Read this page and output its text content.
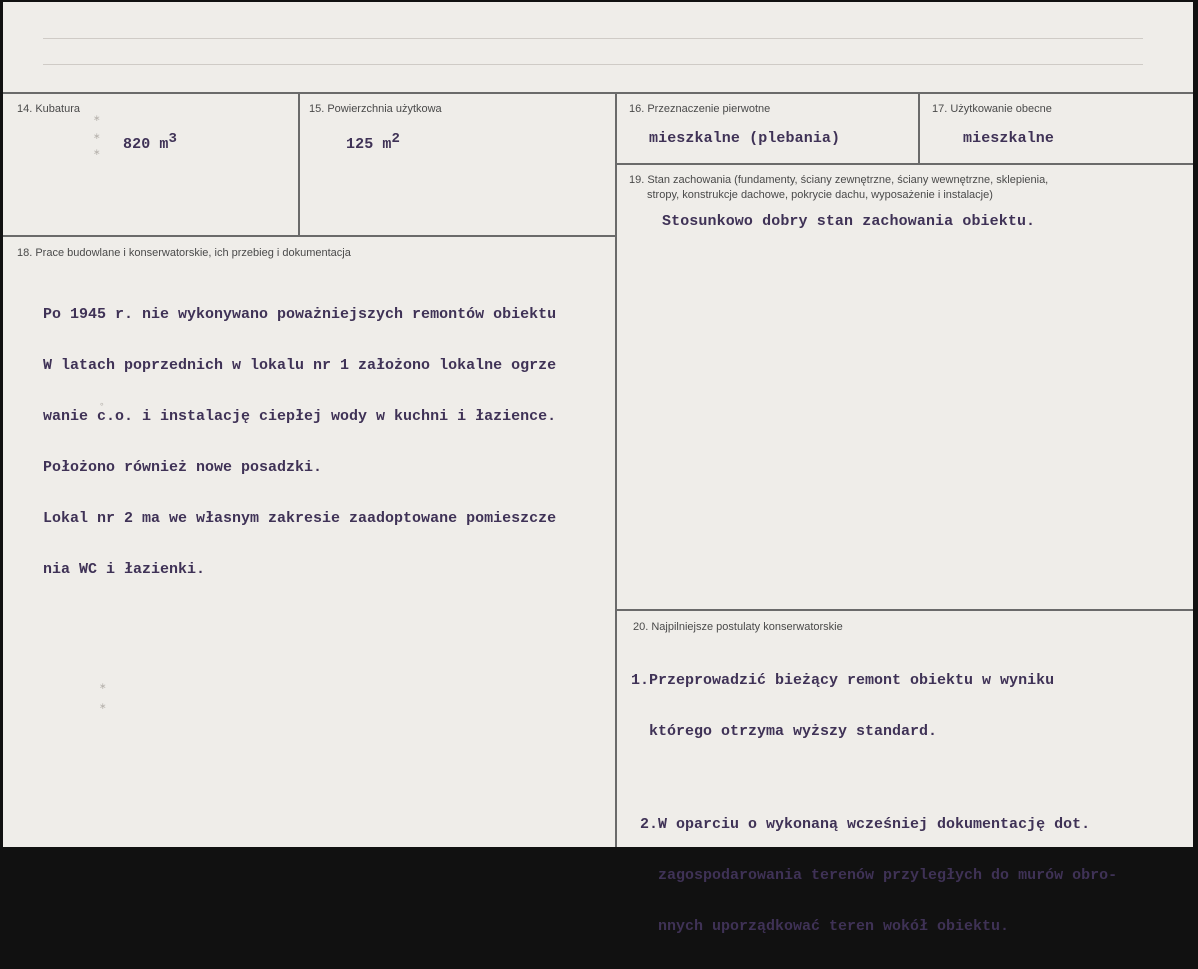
14. Kubatura
820 $m^3$
∗
∗
∗
15. Powierzchnia użytkowa
125 $m^2$
16. Przeznaczenie pierwotne
mieszkalne (plebania)
17. Użytkowanie obecne
mieszkalne
19. Stan zachowania (fundamenty, ściany zewnętrzne, ściany wewnętrzne, sklepienia,
stropy, konstrukcje dachowe, pokrycie dachu, wyposażenie i instalacje)
Stosunkowo dobry stan zachowania obiektu.
18. Prace budowlane i konserwatorskie, ich przebieg i dokumentacja

Po 1945 r. nie wykonywano poważniejszych remontów obiektu

W latach poprzednich w lokalu nr 1 założono lokalne ogrze

wanie c.o. i instalację ciepłej wody w kuchni i łazience.

Położono również nowe posadzki.

Lokal nr 2 ma we własnym zakresie zaadoptowane pomieszcze

nia WC i łazienki.

∘
∗
∗
20. Najpilniejsze postulaty konserwatorskie

1.Przeprowadzić bieżący remont obiektu w wyniku

którego otrzyma wyższy standard.

2.W oparciu o wykonaną wcześniej dokumentację dot.

zagospodarowania terenów przyległych do murów obro-

nnych uporządkować teren wokół obiektu.
